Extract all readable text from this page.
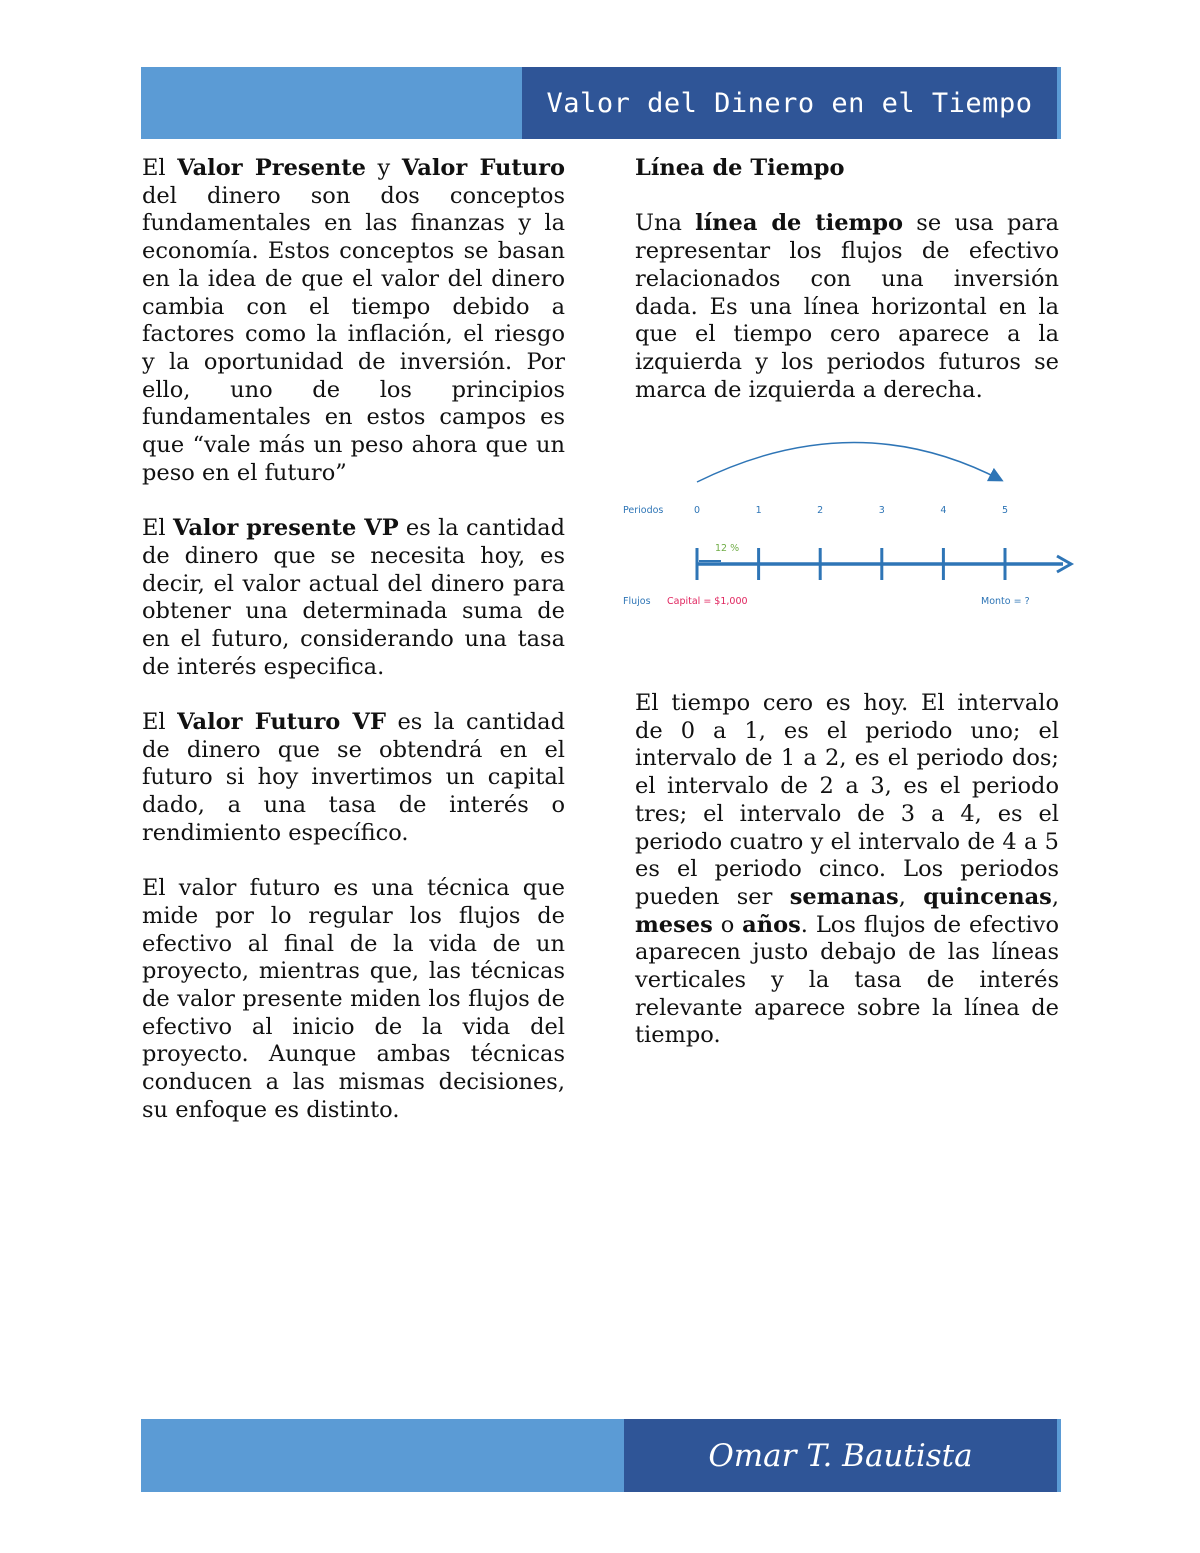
Valor del Dinero en el Tiempo

El Valor Presente y Valor Futuro del dinero son dos conceptos fundamentales en las finanzas y la economía. Estos conceptos se basan en la idea de que el valor del dinero cambia con el tiempo debido a factores como la inflación, el riesgo y la oportunidad de inversión. Por ello, uno de los principios fundamentales en estos campos es que “vale más un peso ahora que un peso en el futuro”

El Valor presente VP es la cantidad de dinero que se necesita hoy, es decir, el valor actual del dinero para obtener una determinada suma de en el futuro, considerando una tasa de interés especifica.

El Valor Futuro VF es la cantidad de dinero que se obtendrá en el futuro si hoy invertimos un capital dado, a una tasa de interés o rendimiento específico.

El valor futuro es una técnica que mide por lo regular los flujos de efectivo al final de la vida de un proyecto, mientras que, las técnicas de valor presente miden los flujos de efectivo al inicio de la vida del proyecto. Aunque ambas técnicas conducen a las mismas decisiones, su enfoque es distinto.

Línea de Tiempo

Una línea de tiempo se usa para representar los flujos de efectivo relacionados con una inversión dada. Es una línea horizontal en la que el tiempo cero aparece a la izquierda y los periodos futuros se marca de izquierda a derecha.

Periodos	0	1	2	3	4	5
12 %
Flujos Capital = $1,000	Monto = ?

El tiempo cero es hoy. El intervalo de 0 a 1, es el periodo uno; el intervalo de 1 a 2, es el periodo dos; el intervalo de 2 a 3, es el periodo tres; el intervalo de 3 a 4, es el periodo cuatro y el intervalo de 4 a 5 es el periodo cinco. Los periodos pueden ser semanas, quincenas, meses o años. Los flujos de efectivo aparecen justo debajo de las líneas verticales y la tasa de interés relevante aparece sobre la línea de tiempo.

Omar T. Bautista
